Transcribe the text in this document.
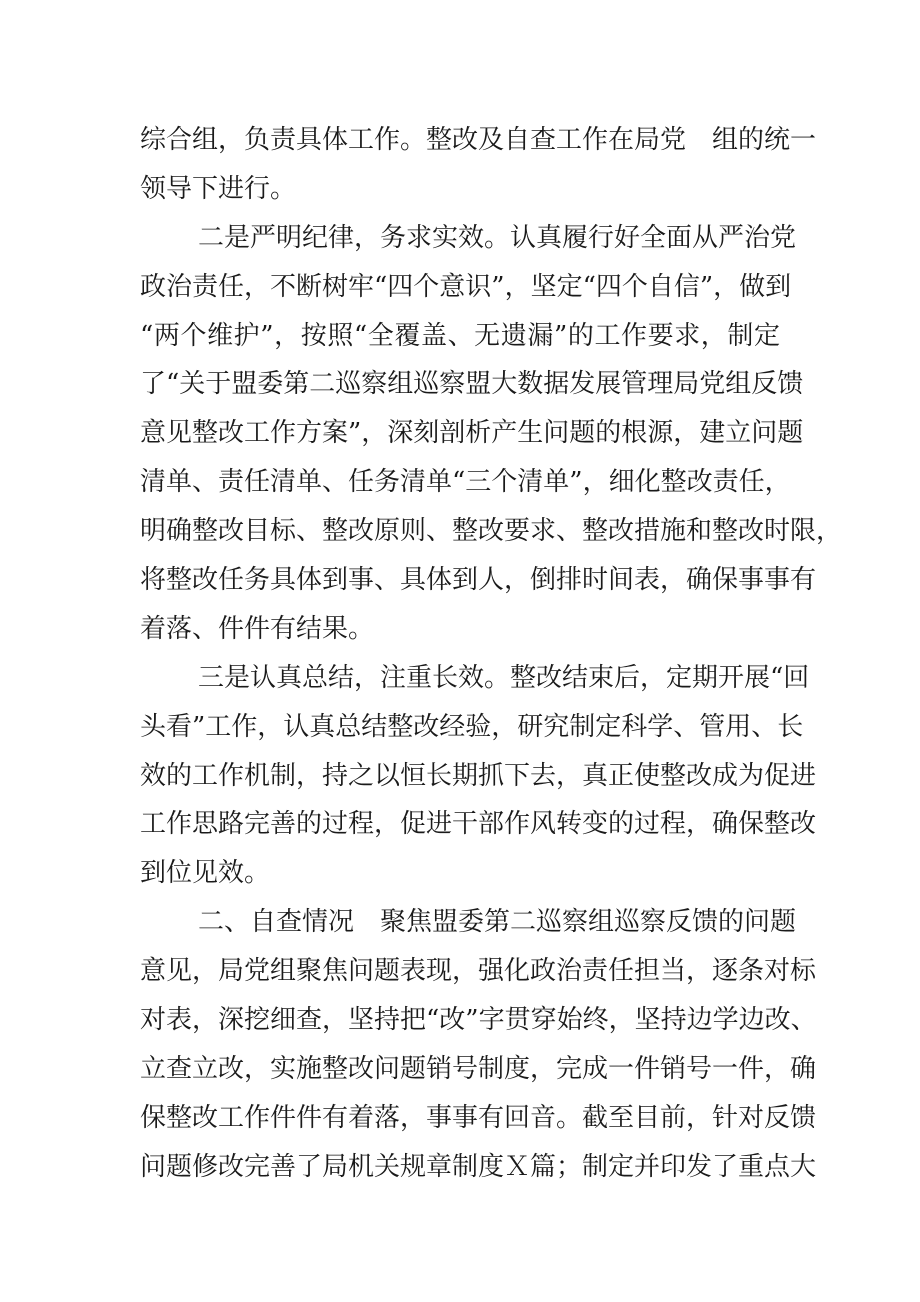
综合组，负责具体工作。整改及自查工作在局党　组的统一
领导下进行。
二是严明纪律，务求实效。认真履行好全面从严治党
政治责任，不断树牢“四个意识”，坚定“四个自信”，做到
“两个维护”，按照“全覆盖、无遗漏”的工作要求，制定
了“关于盟委第二巡察组巡察盟大数据发展管理局党组反馈
意见整改工作方案”，深刻剖析产生问题的根源，建立问题
清单、责任清单、任务清单“三个清单”，细化整改责任，
明确整改目标、整改原则、整改要求、整改措施和整改时限，
将整改任务具体到事、具体到人，倒排时间表，确保事事有
着落、件件有结果。
三是认真总结，注重长效。整改结束后，定期开展“回
头看”工作，认真总结整改经验，研究制定科学、管用、长
效的工作机制，持之以恒长期抓下去，真正使整改成为促进
工作思路完善的过程，促进干部作风转变的过程，确保整改
到位见效。
二、自查情况　聚焦盟委第二巡察组巡察反馈的问题
意见，局党组聚焦问题表现，强化政治责任担当，逐条对标
对表，深挖细查，坚持把“改”字贯穿始终，坚持边学边改、
立查立改，实施整改问题销号制度，完成一件销号一件，确
保整改工作件件有着落，事事有回音。截至目前，针对反馈
问题修改完善了局机关规章制度Ｘ篇；制定并印发了重点大
